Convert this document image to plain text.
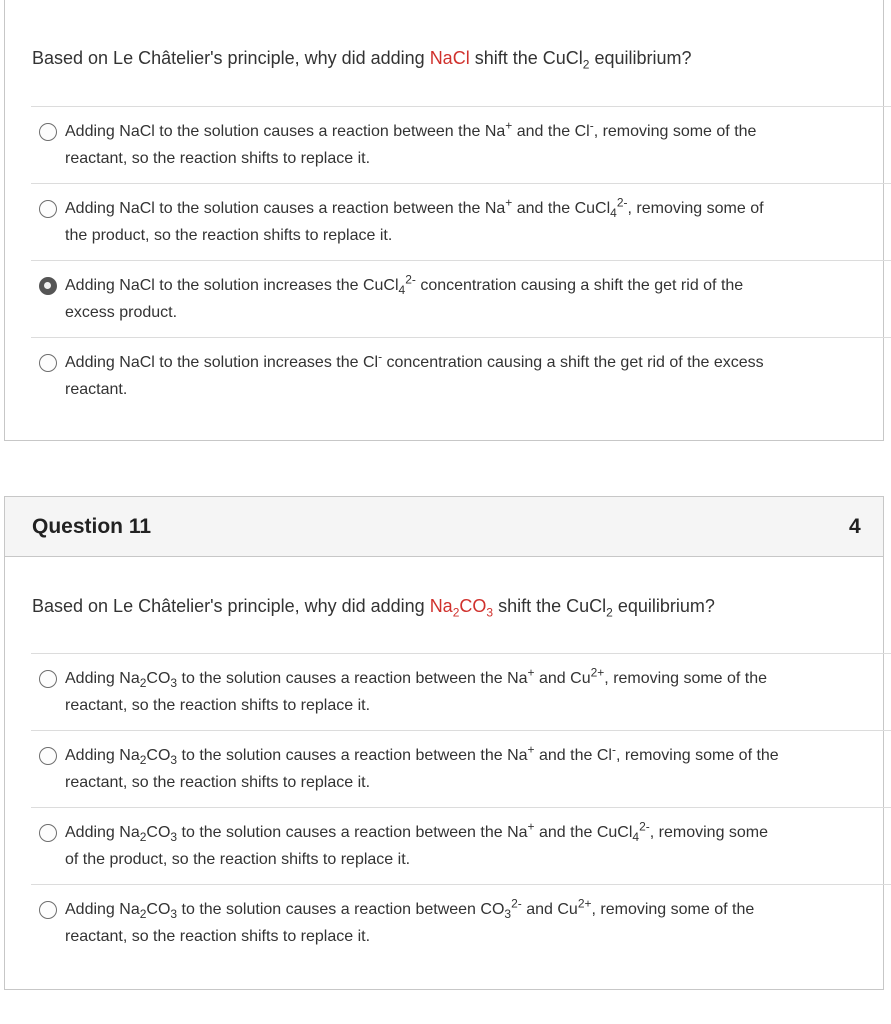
Based on Le Châtelier's principle, why did adding NaCl shift the CuCl$_2$ equilibrium?
Adding NaCl to the solution causes a reaction between the Na+ and the Cl-, removing some of the
reactant, so the reaction shifts to replace it.
Adding NaCl to the solution causes a reaction between the Na+ and the CuCl$_4^{2-}$, removing some of
the product, so the reaction shifts to replace it.
Adding NaCl to the solution increases the CuCl$_4^{2-}$ concentration causing a shift the get rid of the
excess product.
Adding NaCl to the solution increases the Cl- concentration causing a shift the get rid of the excess
reactant.
Question 11	4
Based on Le Châtelier's principle, why did adding $Na_2CO_3$ shift the CuCl$_2$ equilibrium?
Adding $Na_2CO_3$ to the solution causes a reaction between the Na+ and $Cu^{2+}$, removing some of the
reactant, so the reaction shifts to replace it.
Adding $Na_2CO_3$ to the solution causes a reaction between the Na+ and the Cl-, removing some of the
reactant, so the reaction shifts to replace it.
Adding $Na_2CO_3$ to the solution causes a reaction between the Na+ and the CuCl$_4^{2-}$, removing some
of the product, so the reaction shifts to replace it.
Adding $Na_2CO_3$ to the solution causes a reaction between $CO_3^{2-}$ and $Cu^{2+}$, removing some of the
reactant, so the reaction shifts to replace it.
